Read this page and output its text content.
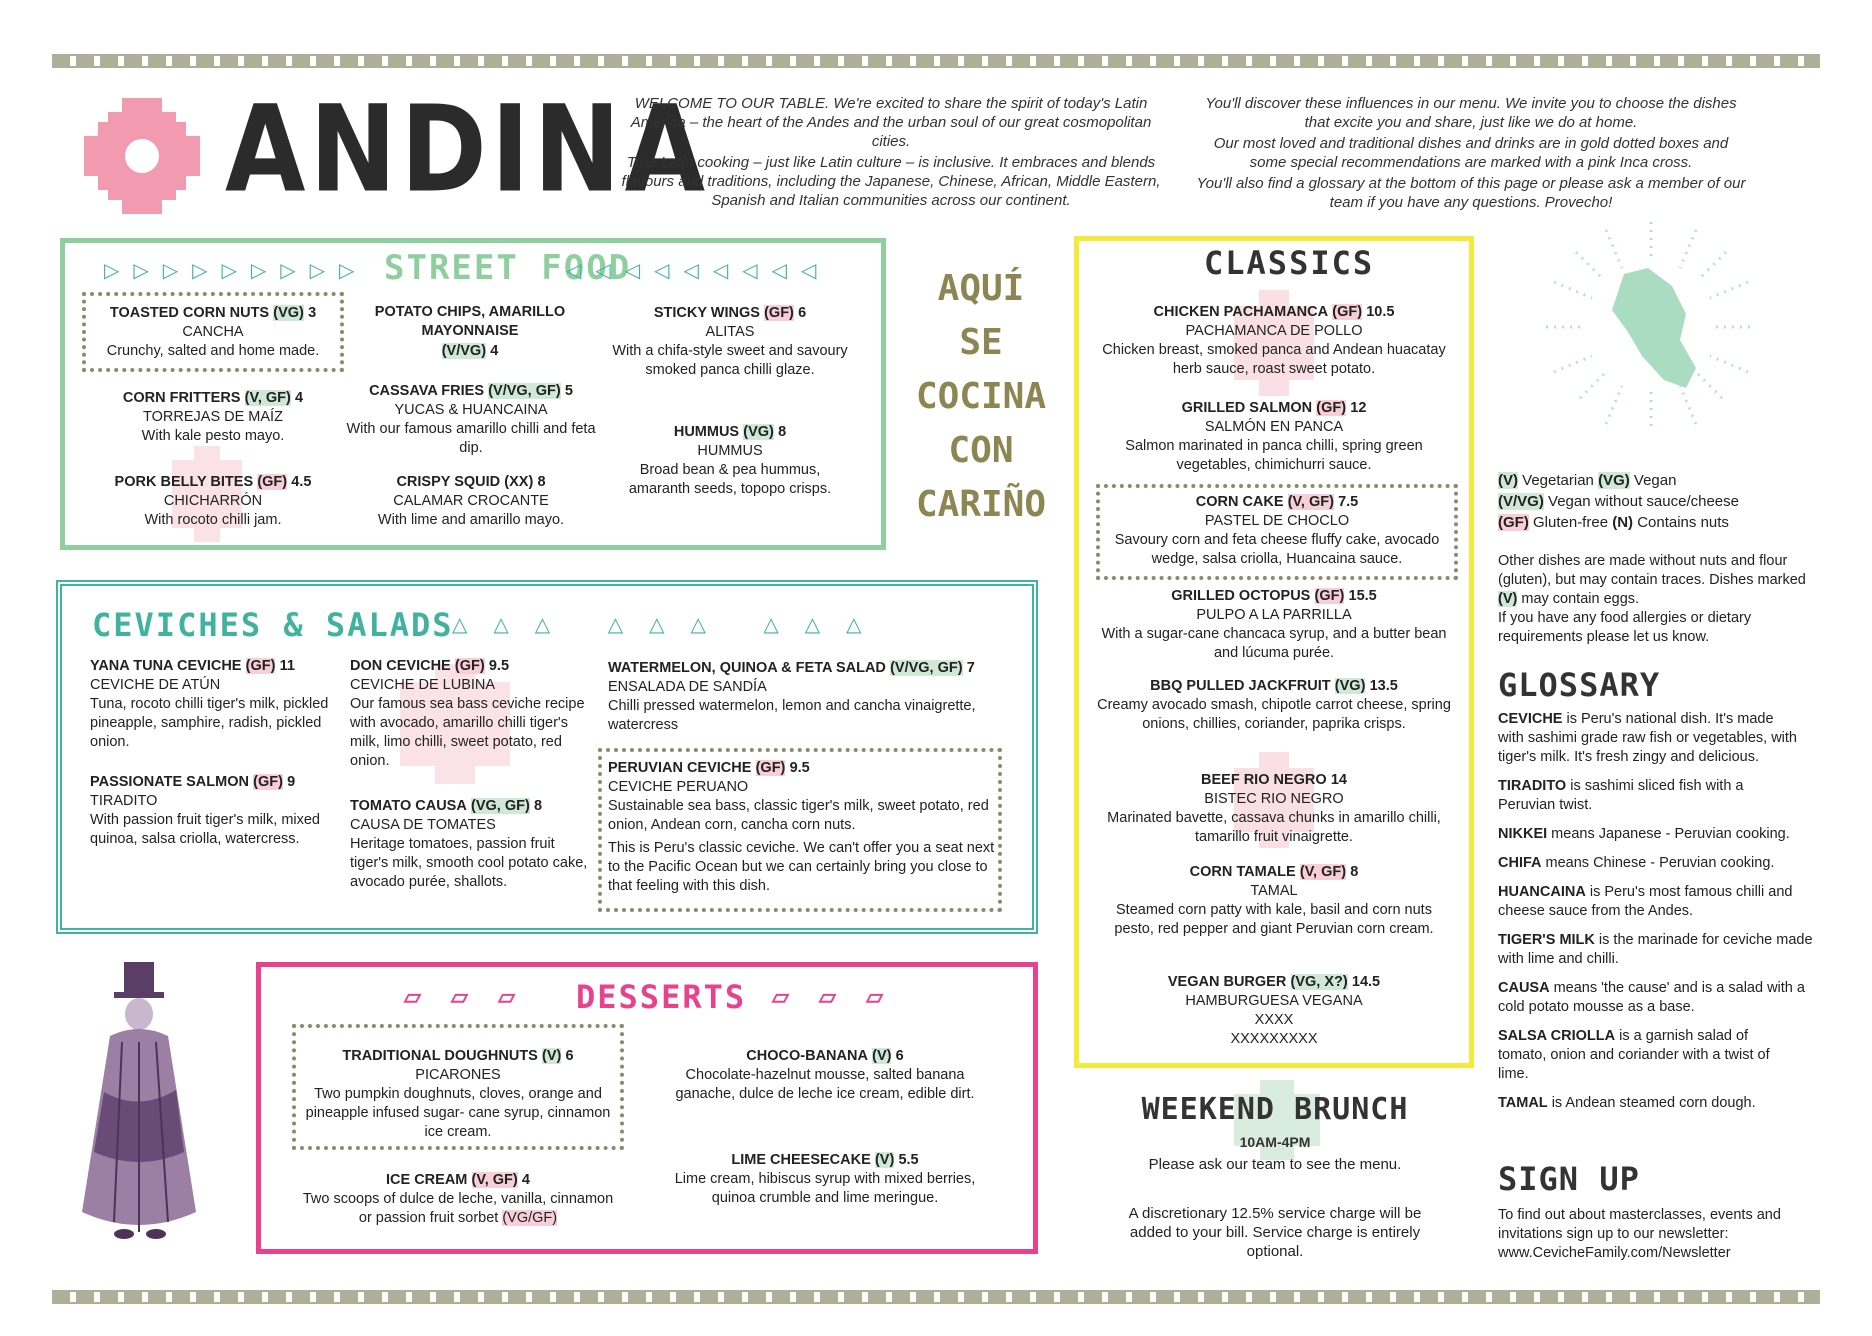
ANDINA

WELCOME TO OUR TABLE. We're excited to share the spirit of today's Latin America – the heart of the Andes and the urban soul of our great cosmopolitan cities.

True Latin cooking – just like Latin culture – is inclusive. It embraces and blends flavours and traditions, including the Japanese, Chinese, African, Middle Eastern, Spanish and Italian communities across our continent.

You'll discover these influences in our menu. We invite you to choose the dishes that excite you and share, just like we do at home.

Our most loved and traditional dishes and drinks are in gold dotted boxes and some special recommendations are marked with a pink Inca cross.

You'll also find a glossary at the bottom of this page or please ask a member of our team if you have any questions. Provecho!

▷▷▷▷▷▷▷▷▷ STREET FOOD
◁◁◁◁◁◁◁◁◁
TOASTED CORN NUTS (VG) 3
CANCHA
Crunchy, salted and home made.
CORN FRITTERS (V, GF) 4
TORREJAS DE MAÍZ
With kale pesto mayo.
PORK BELLY BITES (GF) 4.5
CHICHARRÓN
With rocoto chilli jam.
POTATO CHIPS, AMARILLO MAYONNAISE
(V/VG) 4
CASSAVA FRIES (V/VG, GF) 5
YUCAS & HUANCAINA
With our famous amarillo chilli and feta dip.
CRISPY SQUID (XX) 8
CALAMAR CROCANTE
With lime and amarillo mayo.
STICKY WINGS (GF) 6
ALITAS
With a chifa-style sweet and savoury smoked panca chilli glaze.
HUMMUS (VG) 8
HUMMUS
Broad bean & pea hummus, amaranth seeds, topopo crisps.
AQUÍ
SE
COCINA
CON
CARIÑO
CEVICHES & SALADS
△△△ △△△ △△△
YANA TUNA CEVICHE (GF) 11
CEVICHE DE ATÚN
Tuna, rocoto chilli tiger's milk, pickled pineapple, samphire, radish, pickled onion.
PASSIONATE SALMON (GF) 9
TIRADITO
With passion fruit tiger's milk, mixed quinoa, salsa criolla, watercress.
DON CEVICHE (GF) 9.5
CEVICHE DE LUBINA
Our famous sea bass ceviche recipe with avocado, amarillo chilli tiger's milk, limo chilli, sweet potato, red onion.
TOMATO CAUSA (VG, GF) 8
CAUSA DE TOMATES
Heritage tomatoes, passion fruit tiger's milk, smooth cool potato cake, avocado purée, shallots.
WATERMELON, QUINOA & FETA SALAD (V/VG, GF) 7
ENSALADA DE SANDÍA
Chilli pressed watermelon, lemon and cancha vinaigrette, watercress
PERUVIAN CEVICHE (GF) 9.5
CEVICHE PERUANO
Sustainable sea bass, classic tiger's milk, sweet potato, red onion, Andean corn, cancha corn nuts.
This is Peru's classic ceviche. We can't offer you a seat next to the Pacific Ocean but we can certainly bring you close to that feeling with this dish.
▱ ▱ ▱ DESSERTS ▱ ▱ ▱
TRADITIONAL DOUGHNUTS (V) 6
PICARONES
Two pumpkin doughnuts, cloves, orange and pineapple infused sugar- cane syrup, cinnamon ice cream.
ICE CREAM (V, GF) 4
Two scoops of dulce de leche, vanilla, cinnamon or passion fruit sorbet (VG/GF)
CHOCO-BANANA (V) 6
Chocolate-hazelnut mousse, salted banana ganache, dulce de leche ice cream, edible dirt.
LIME CHEESECAKE (V) 5.5
Lime cream, hibiscus syrup with mixed berries, quinoa crumble and lime meringue.
CLASSICS
CHICKEN PACHAMANCA (GF) 10.5
PACHAMANCA DE POLLO
Chicken breast, smoked panca and Andean huacatay herb sauce, roast sweet potato.
GRILLED SALMON (GF) 12
SALMÓN EN PANCA
Salmon marinated in panca chilli, spring green vegetables, chimichurri sauce.
CORN CAKE (V, GF) 7.5
PASTEL DE CHOCLO
Savoury corn and feta cheese fluffy cake, avocado wedge, salsa criolla, Huancaina sauce.
GRILLED OCTOPUS (GF) 15.5
PULPO A LA PARRILLA
With a sugar-cane chancaca syrup, and a butter bean and lúcuma purée.
BBQ PULLED JACKFRUIT (VG) 13.5
Creamy avocado smash, chipotle carrot cheese, spring onions, chillies, coriander, paprika crisps.
BEEF RIO NEGRO 14
BISTEC RIO NEGRO
Marinated bavette, cassava chunks in amarillo chilli, tamarillo fruit vinaigrette.
CORN TAMALE (V, GF) 8
TAMAL
Steamed corn patty with kale, basil and corn nuts pesto, red pepper and giant Peruvian corn cream.
VEGAN BURGER (VG, X?) 14.5
HAMBURGUESA VEGANA
XXXX
XXXXXXXXX
WEEKEND BRUNCH
10AM-4PM
Please ask our team to see the menu.
A discretionary 12.5% service charge will be added to your bill. Service charge is entirely optional.
(V) Vegetarian (VG) Vegan
(V/VG) Vegan without sauce/cheese
(GF) Gluten-free (N) Contains nuts
Other dishes are made without nuts and flour (gluten), but may contain traces. Dishes marked (V) may contain eggs.
If you have any food allergies or dietary requirements please let us know.
GLOSSARY
CEVICHE is Peru's national dish. It's made with sashimi grade raw fish or vegetables, with tiger's milk. It's fresh zingy and delicious.
TIRADITO is sashimi sliced fish with a Peruvian twist.
NIKKEI means Japanese - Peruvian cooking.
CHIFA means Chinese - Peruvian cooking.
HUANCAINA is Peru's most famous chilli and cheese sauce from the Andes.
TIGER'S MILK is the marinade for ceviche made with lime and chilli.
CAUSA means 'the cause' and is a salad with a cold potato mousse as a base.
SALSA CRIOLLA is a garnish salad of tomato, onion and coriander with a twist of lime.
TAMAL is Andean steamed corn dough.
SIGN UP
To find out about masterclasses, events and invitations sign up to our newsletter:
www.CevicheFamily.com/Newsletter
